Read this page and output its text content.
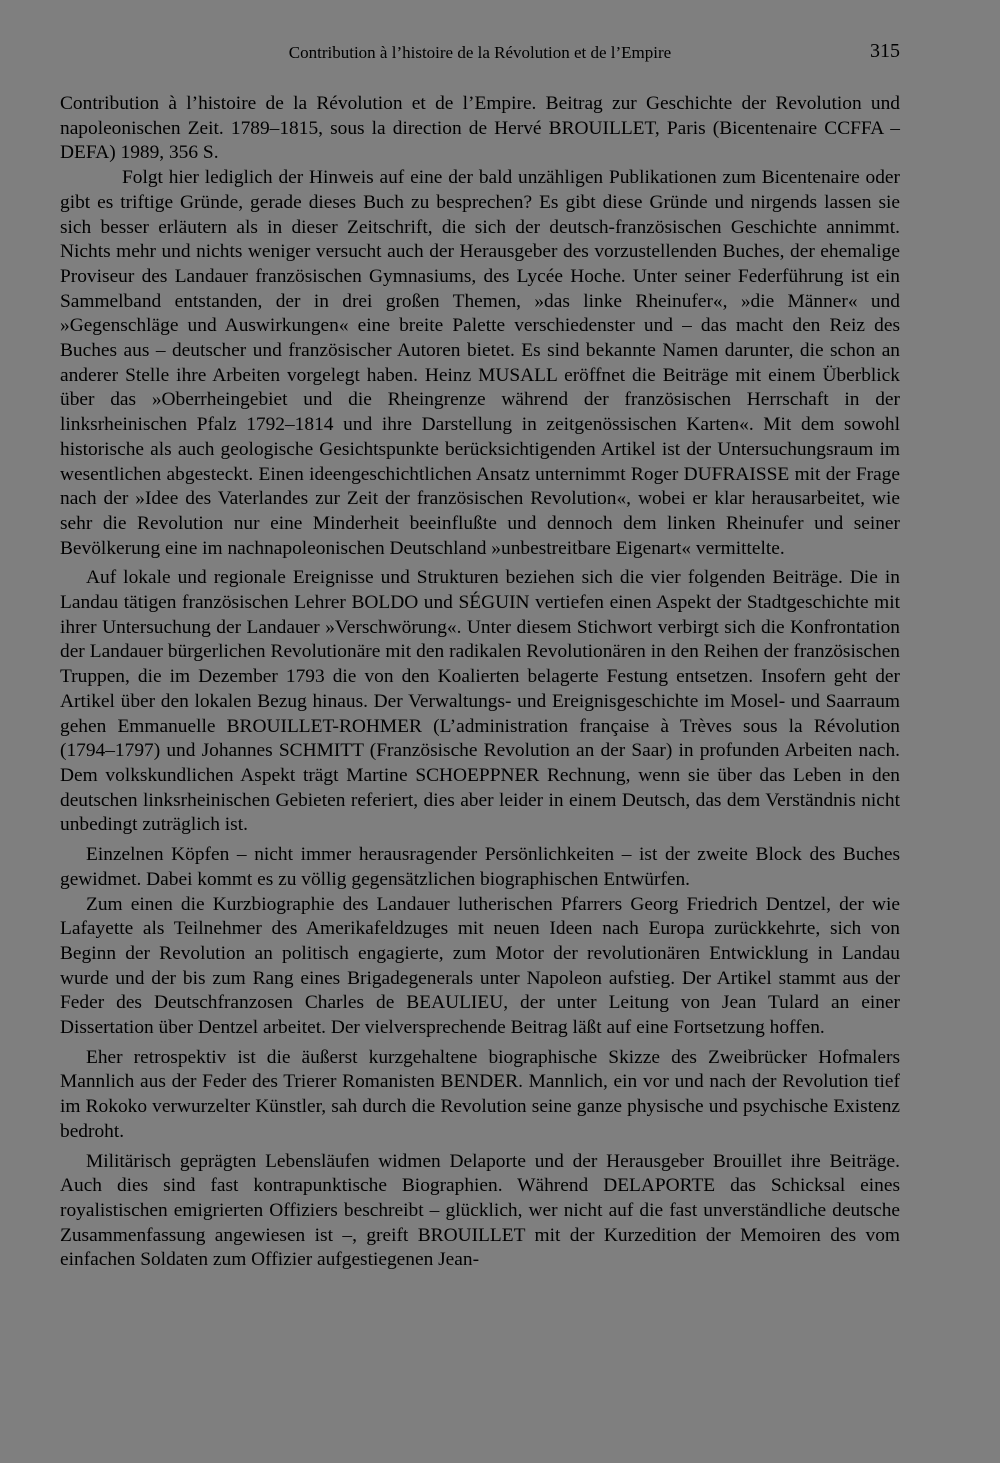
Contribution à l’histoire de la Révolution et de l’Empire	315

Contribution à l’histoire de la Révolution et de l’Empire. Beitrag zur Geschichte der Revolution und napoleonischen Zeit. 1789–1815, sous la direction de Hervé BROUILLET, Paris (Bicentenaire CCFFA – DEFA) 1989, 356 S.

Folgt hier lediglich der Hinweis auf eine der bald unzähligen Publikationen zum Bicentenaire oder gibt es triftige Gründe, gerade dieses Buch zu besprechen? Es gibt diese Gründe und nirgends lassen sie sich besser erläutern als in dieser Zeitschrift, die sich der deutsch-französischen Geschichte annimmt. Nichts mehr und nichts weniger versucht auch der Herausgeber des vorzustellenden Buches, der ehemalige Proviseur des Landauer französischen Gymnasiums, des Lycée Hoche. Unter seiner Federführung ist ein Sammelband entstanden, der in drei großen Themen, »das linke Rheinufer«, »die Männer« und »Gegenschläge und Auswirkungen« eine breite Palette verschiedenster und – das macht den Reiz des Buches aus – deutscher und französischer Autoren bietet. Es sind bekannte Namen darunter, die schon an anderer Stelle ihre Arbeiten vorgelegt haben. Heinz MUSALL eröffnet die Beiträge mit einem Überblick über das »Oberrheingebiet und die Rheingrenze während der französischen Herrschaft in der linksrheinischen Pfalz 1792–1814 und ihre Darstellung in zeitgenössischen Karten«. Mit dem sowohl historische als auch geologische Gesichtspunkte berücksichtigenden Artikel ist der Untersuchungsraum im wesentlichen abgesteckt. Einen ideengeschichtlichen Ansatz unternimmt Roger DUFRAISSE mit der Frage nach der »Idee des Vaterlandes zur Zeit der französischen Revolution«, wobei er klar herausarbeitet, wie sehr die Revolution nur eine Minderheit beeinflußte und dennoch dem linken Rheinufer und seiner Bevölkerung eine im nachnapoleonischen Deutschland »unbestreitbare Eigenart« vermittelte.

Auf lokale und regionale Ereignisse und Strukturen beziehen sich die vier folgenden Beiträge. Die in Landau tätigen französischen Lehrer BOLDO und SÉGUIN vertiefen einen Aspekt der Stadtgeschichte mit ihrer Untersuchung der Landauer »Verschwörung«. Unter diesem Stichwort verbirgt sich die Konfrontation der Landauer bürgerlichen Revolutionäre mit den radikalen Revolutionären in den Reihen der französischen Truppen, die im Dezember 1793 die von den Koalierten belagerte Festung entsetzen. Insofern geht der Artikel über den lokalen Bezug hinaus. Der Verwaltungs- und Ereignisgeschichte im Mosel- und Saarraum gehen Emmanuelle BROUILLET-ROHMER (L’administration française à Trèves sous la Révolution (1794–1797) und Johannes SCHMITT (Französische Revolution an der Saar) in profunden Arbeiten nach. Dem volkskundlichen Aspekt trägt Martine SCHOEPPNER Rechnung, wenn sie über das Leben in den deutschen linksrheinischen Gebieten referiert, dies aber leider in einem Deutsch, das dem Verständnis nicht unbedingt zuträglich ist.

Einzelnen Köpfen – nicht immer herausragender Persönlichkeiten – ist der zweite Block des Buches gewidmet. Dabei kommt es zu völlig gegensätzlichen biographischen Entwürfen.

Zum einen die Kurzbiographie des Landauer lutherischen Pfarrers Georg Friedrich Dentzel, der wie Lafayette als Teilnehmer des Amerikafeldzuges mit neuen Ideen nach Europa zurückkehrte, sich von Beginn der Revolution an politisch engagierte, zum Motor der revolutionären Entwicklung in Landau wurde und der bis zum Rang eines Brigadegenerals unter Napoleon aufstieg. Der Artikel stammt aus der Feder des Deutschfranzosen Charles de BEAULIEU, der unter Leitung von Jean Tulard an einer Dissertation über Dentzel arbeitet. Der vielversprechende Beitrag läßt auf eine Fortsetzung hoffen.

Eher retrospektiv ist die äußerst kurzgehaltene biographische Skizze des Zweibrücker Hofmalers Mannlich aus der Feder des Trierer Romanisten BENDER. Mannlich, ein vor und nach der Revolution tief im Rokoko verwurzelter Künstler, sah durch die Revolution seine ganze physische und psychische Existenz bedroht.

Militärisch geprägten Lebensläufen widmen Delaporte und der Herausgeber Brouillet ihre Beiträge. Auch dies sind fast kontrapunktische Biographien. Während DELAPORTE das Schicksal eines royalistischen emigrierten Offiziers beschreibt – glücklich, wer nicht auf die fast unverständliche deutsche Zusammenfassung angewiesen ist –, greift BROUILLET mit der Kurzedition der Memoiren des vom einfachen Soldaten zum Offizier aufgestiegenen Jean-
